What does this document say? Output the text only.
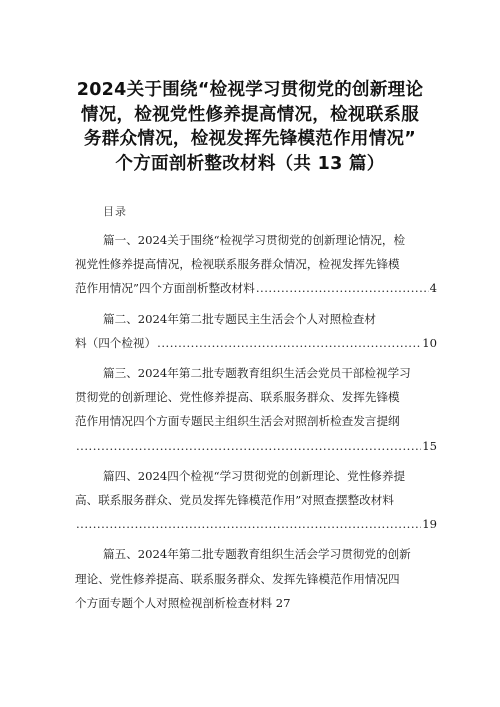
2024关于围绕“检视学习贯彻党的创新理论
情况，检视党性修养提高情况，检视联系服
务群众情况，检视发挥先锋模范作用情况”
个方面剖析整改材料（共 13 篇）
目录
篇一、2024关于围绕“检视学习贯彻党的创新理论情况，检
视党性修养提高情况，检视联系服务群众情况，检视发挥先锋模
范作用情况”四个方面剖析整改材料 .....	4
篇二、2024年第二批专题民主生活会个人对照检查材
料（四个检视） .....	10
篇三、2024年第二批专题教育组织生活会党员干部检视学习
贯彻党的创新理论、党性修养提高、联系服务群众、发挥先锋模
范作用情况四个方面专题民主组织生活会对照剖析检查发言提纲
.....
15
篇四、2024四个检视“学习贯彻党的创新理论、党性修养提
高、联系服务群众、党员发挥先锋模范作用”对照查摆整改材料
.....
19
篇五、2024年第二批专题教育组织生活会学习贯彻党的创新
理论、党性修养提高、联系服务群众、发挥先锋模范作用情况四
个方面专题个人对照检视剖析检查材料 27
